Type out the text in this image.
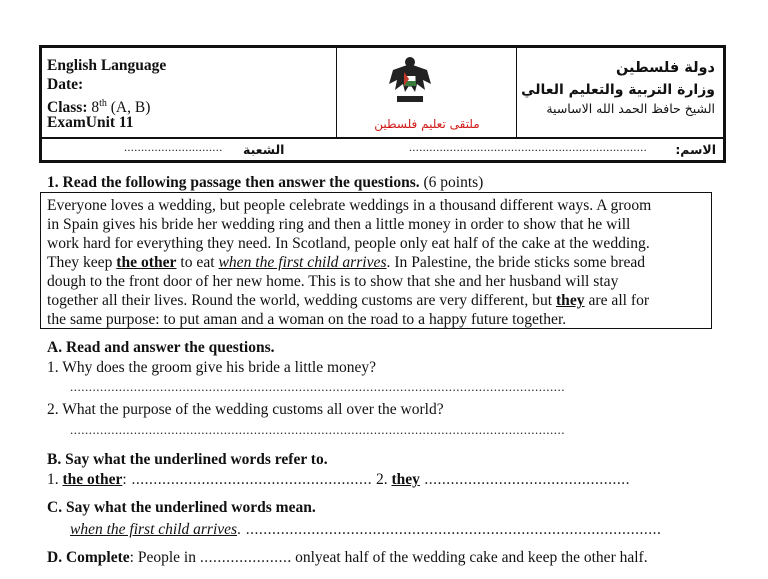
English Language
Date:
Class: 8th (A, B)
ExamUnit 11	ملتقى تعليم فلسطين
دولة فلسطين
وزارة التربية والتعليم العالي
الشيخ حافظ الحمد الله الاساسية
الاسم:
......................................................................
الشعبة
.............................
1. Read the following passage then answer the questions. (6 points)
Everyone loves a wedding, but people celebrate weddings in a thousand different ways. A groom
in Spain gives his bride her wedding ring and then a little money in order to show that he will
work hard for everything they need. In Scotland, people only eat half of the cake at the wedding.
They keep the other to eat when the first child arrives. In Palestine, the bride sticks some bread
dough to the front door of her new home. This is to show that she and her husband will stay
together all their lives. Round the world, wedding customs are very different, but they are all for
the same purpose: to put aman and a woman on the road to a happy future together.
A. Read and answer the questions.
1. Why does the groom give his bride a little money?
....................................................................................................................................
2. What the purpose of the wedding customs all over the world?
....................................................................................................................................
B. Say what the underlined words refer to.
1. the other: ....................................................... 2. they ...............................................
C. Say what the underlined words mean.
when the first child arrives. ...............................................................................................
D. Complete: People in ..................... onlyeat half of the wedding cake and keep the other half.
